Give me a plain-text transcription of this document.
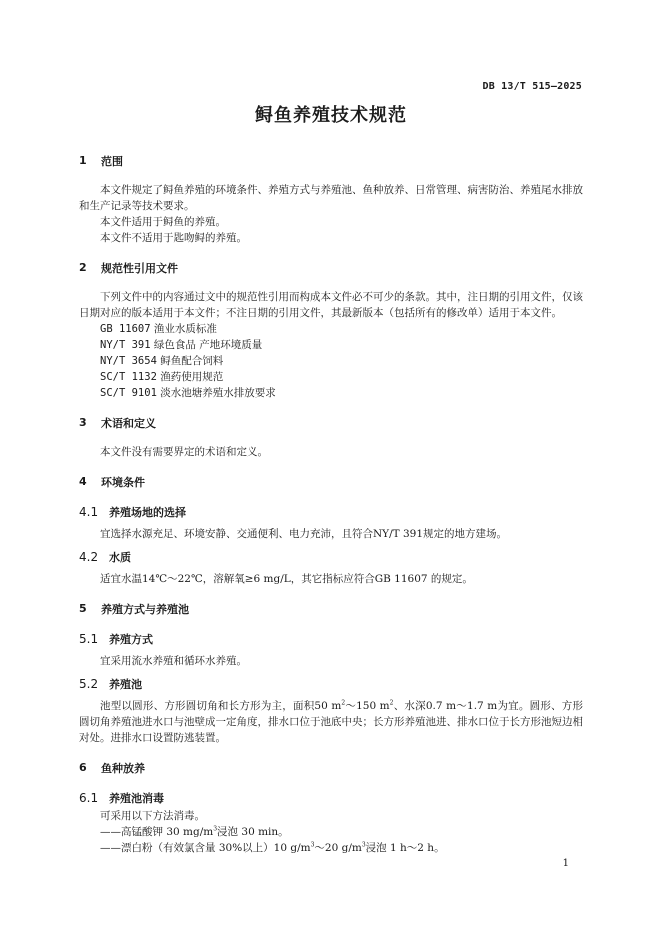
DB 13/T 515—2025
鲟鱼养殖技术规范
1	范围

本文件规定了鲟鱼养殖的环境条件、养殖方式与养殖池、鱼种放养、日常管理、病害防治、养殖尾水排放和生产记录等技术要求。

本文件适用于鲟鱼的养殖。

本文件不适用于匙吻鲟的养殖。

2	规范性引用文件

下列文件中的内容通过文中的规范性引用而构成本文件必不可少的条款。其中，注日期的引用文件，仅该日期对应的版本适用于本文件；不注日期的引用文件，其最新版本（包括所有的修改单）适用于本文件。

GB 11607 渔业水质标准

NY/T 391 绿色食品 产地环境质量

NY/T 3654 鲟鱼配合饲料

SC/T 1132 渔药使用规范

SC/T 9101 淡水池塘养殖水排放要求

3	术语和定义

本文件没有需要界定的术语和定义。

4	环境条件
4.1 养殖场地的选择

宜选择水源充足、环境安静、交通便利、电力充沛，且符合NY/T 391规定的地方建场。

4.2 水质

适宜水温14℃～22℃，溶解氧≥6 mg/L，其它指标应符合GB 11607 的规定。

5	养殖方式与养殖池
5.1 养殖方式

宜采用流水养殖和循环水养殖。

5.2 养殖池

池型以圆形、方形圆切角和长方形为主，面积50 $m^2\sim 150$ $m^2$、水深0.7 m～1.7 m为宜。圆形、方形圆切角养殖池进水口与池壁成一定角度，排水口位于池底中央；长方形养殖池进、排水口位于长方形池短边相对处。进排水口设置防逃装置。

6	鱼种放养
6.1 养殖池消毒

可采用以下方法消毒。

——高锰酸钾 30 $mg/m^3$浸泡 30 min。

——漂白粉（有效氯含量 30%以上）10 $g/m^3\sim 20$ $g/m^3$浸泡 1 h～2 h。

1
